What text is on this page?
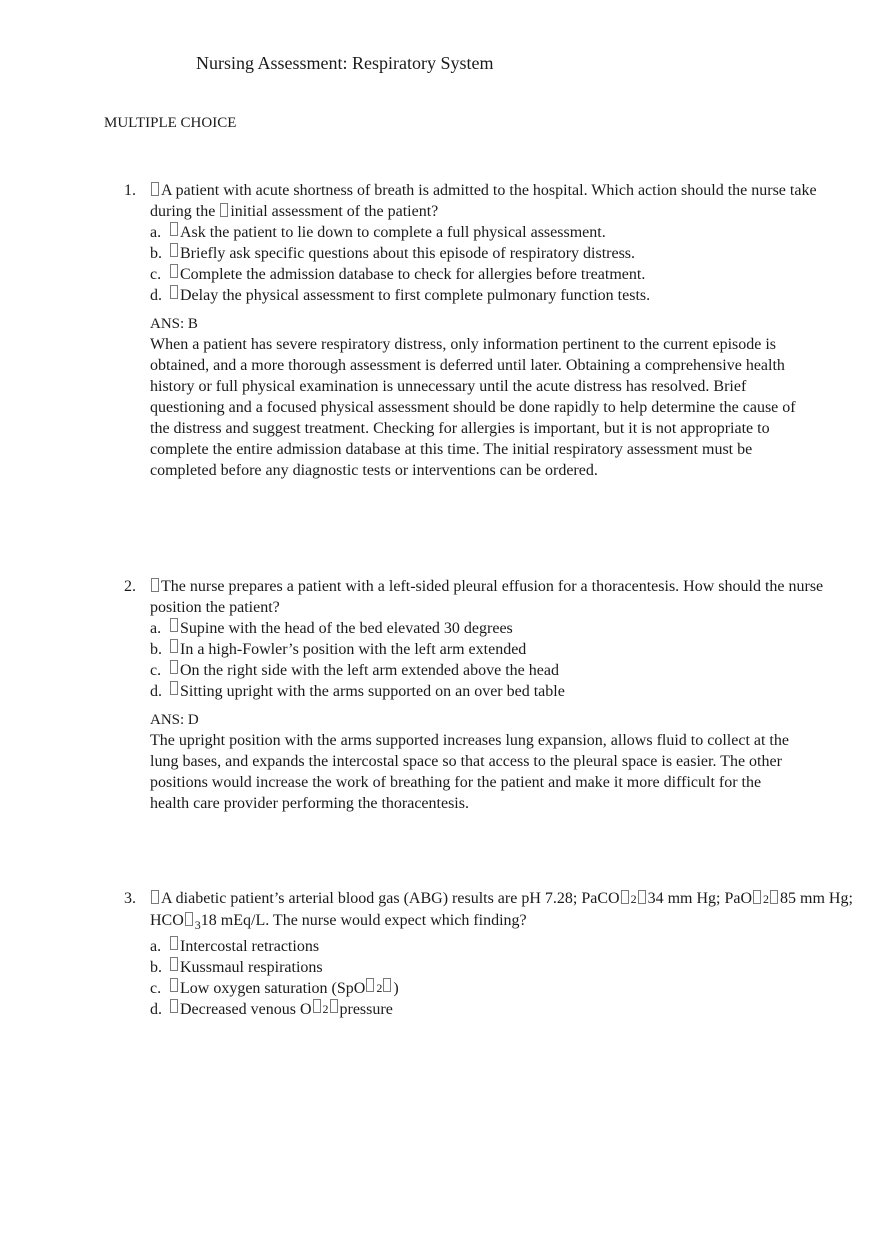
Nursing Assessment: Respiratory System
MULTIPLE CHOICE
1.	A patient with acute shortness of breath is admitted to the hospital. Which action should the nurse take during the initial assessment of the patient?
a.	Ask the patient to lie down to complete a full physical assessment.
b.	Briefly ask specific questions about this episode of respiratory distress.
c.	Complete the admission database to check for allergies before treatment.
d.	Delay the physical assessment to first complete pulmonary function tests.
ANS: B

When a patient has severe respiratory distress, only information pertinent to the current episode is obtained, and a more thorough assessment is deferred until later. Obtaining a comprehensive health history or full physical examination is unnecessary until the acute distress has resolved. Brief questioning and a focused physical assessment should be done rapidly to help determine the cause of the distress and suggest treatment. Checking for allergies is important, but it is not appropriate to complete the entire admission database at this time. The initial respiratory assessment must be completed before any diagnostic tests or interventions can be ordered.

2.	The nurse prepares a patient with a left-sided pleural effusion for a thoracentesis. How should the nurse position the patient?
a.	Supine with the head of the bed elevated 30 degrees
b.	In a high-Fowler’s position with the left arm extended
c.	On the right side with the left arm extended above the head
d.	Sitting upright with the arms supported on an over bed table
ANS: D

The upright position with the arms supported increases lung expansion, allows fluid to collect at the lung bases, and expands the intercostal space so that access to the pleural space is easier. The other positions would increase the work of breathing for the patient and make it more difficult for the health care provider performing the thoracentesis.

3.	A diabetic patient’s arterial blood gas (ABG) results are pH 7.28; PaCO 2 34 mm Hg; PaO 2 85 mm Hg; HCO $_3$18 mEq/L. The nurse would expect which finding?
a.	Intercostal retractions
b.	Kussmaul respirations
c.	Low oxygen saturation (SpO 2 )
d.	Decreased venous O 2 pressure
